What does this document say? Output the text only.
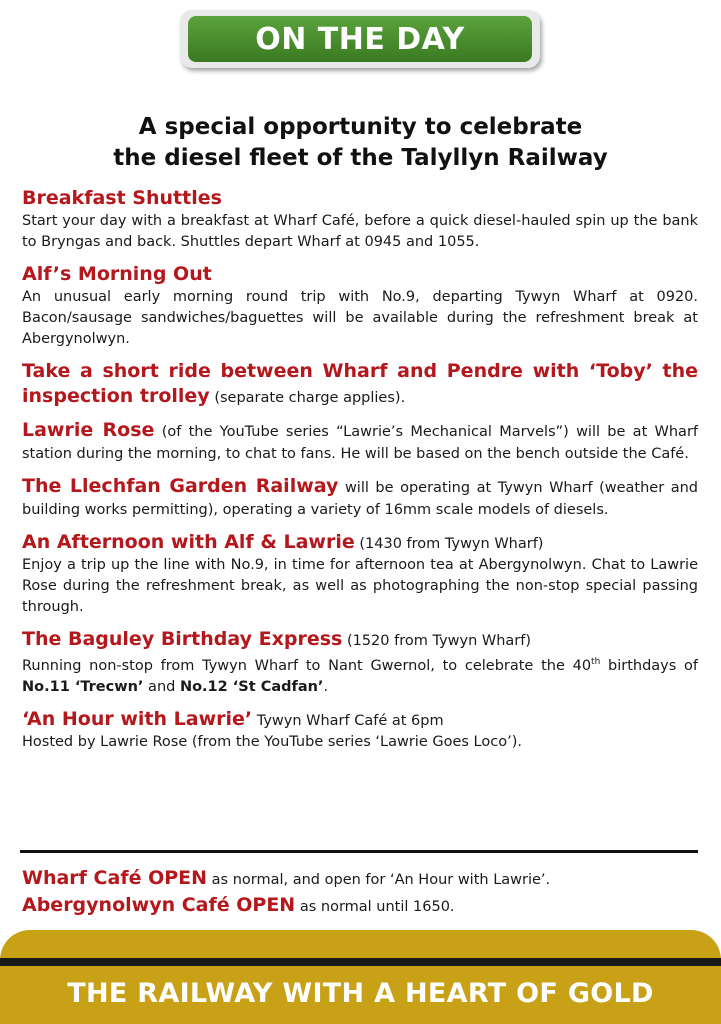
ON THE DAY
A special opportunity to celebrate
the diesel fleet of the Talyllyn Railway
Breakfast Shuttles
Start your day with a breakfast at Wharf Café, before a quick diesel-hauled spin up the bank to Bryngas and back. Shuttles depart Wharf at 0945 and 1055.
Alf’s Morning Out
An unusual early morning round trip with No.9, departing Tywyn Wharf at 0920. Bacon/sausage sandwiches/baguettes will be available during the refreshment break at Abergynolwyn.
Take a short ride between Wharf and Pendre with ‘Toby’ the inspection trolley (separate charge applies).
Lawrie Rose (of the YouTube series “Lawrie’s Mechanical Marvels”) will be at Wharf station during the morning, to chat to fans. He will be based on the bench outside the Café.
The Llechfan Garden Railway will be operating at Tywyn Wharf (weather and building works permitting), operating a variety of 16mm scale models of diesels.
An Afternoon with Alf & Lawrie (1430 from Tywyn Wharf)
Enjoy a trip up the line with No.9, in time for afternoon tea at Abergynolwyn. Chat to Lawrie Rose during the refreshment break, as well as photographing the non-stop special passing through.
The Baguley Birthday Express (1520 from Tywyn Wharf)
Running non-stop from Tywyn Wharf to Nant Gwernol, to celebrate the 40th birthdays of No.11 ‘Trecwn’ and No.12 ‘St Cadfan’.
‘An Hour with Lawrie’ Tywyn Wharf Café at 6pm
Hosted by Lawrie Rose (from the YouTube series ‘Lawrie Goes Loco’).
Wharf Café OPEN as normal, and open for ‘An Hour with Lawrie’.
Abergynolwyn Café OPEN as normal until 1650.
THE RAILWAY WITH A HEART OF GOLD
